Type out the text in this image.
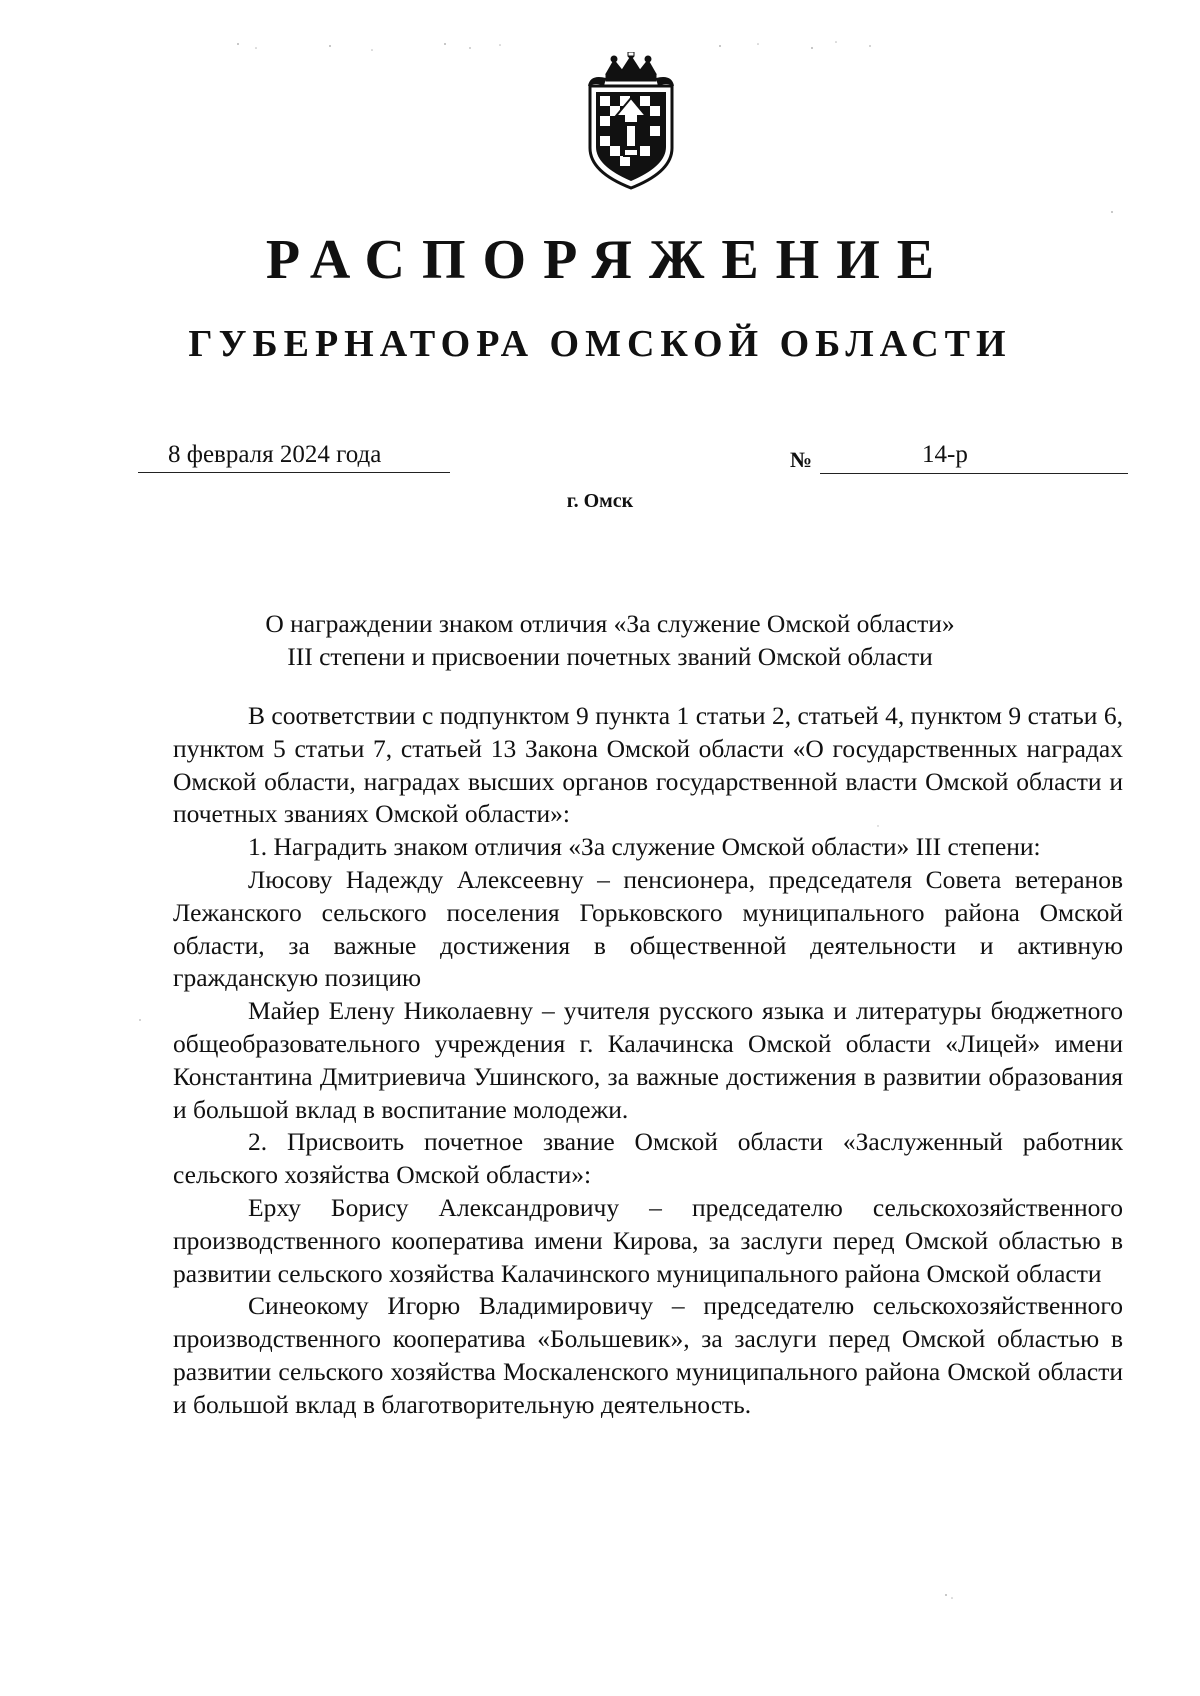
РАСПОРЯЖЕНИЕ
ГУБЕРНАТОРА ОМСКОЙ ОБЛАСТИ
8 февраля 2024 года	№	14-р
г. Омск
О награждении знаком отличия «За служение Омской области»
III степени и присвоении почетных званий Омской области

В соответствии с подпунктом 9 пункта 1 статьи 2, статьей 4, пунктом 9 статьи 6, пунктом 5 статьи 7, статьей 13 Закона Омской области «О государственных наградах Омской области, наградах высших органов государственной власти Омской области и почетных званиях Омской области»:

1. Наградить знаком отличия «За служение Омской области» III степени:

Люсову Надежду Алексеевну – пенсионера, председателя Совета ветеранов Лежанского сельского поселения Горьковского муниципального района Омской области, за важные достижения в общественной деятельности и активную гражданскую позицию

Майер Елену Николаевну – учителя русского языка и литературы бюджетного общеобразовательного учреждения г. Калачинска Омской области «Лицей» имени Константина Дмитриевича Ушинского, за важные достижения в развитии образования и большой вклад в воспитание молодежи.

2. Присвоить почетное звание Омской области «Заслуженный работник сельского хозяйства Омской области»:

Ерху Борису Александровичу – председателю сельскохозяйственного производственного кооператива имени Кирова, за заслуги перед Омской областью в развитии сельского хозяйства Калачинского муниципального района Омской области

Синеокому Игорю Владимировичу – председателю сельскохозяйственного производственного кооператива «Большевик», за заслуги перед Омской областью в развитии сельского хозяйства Москаленского муниципального района Омской области и большой вклад в благотворительную деятельность.
